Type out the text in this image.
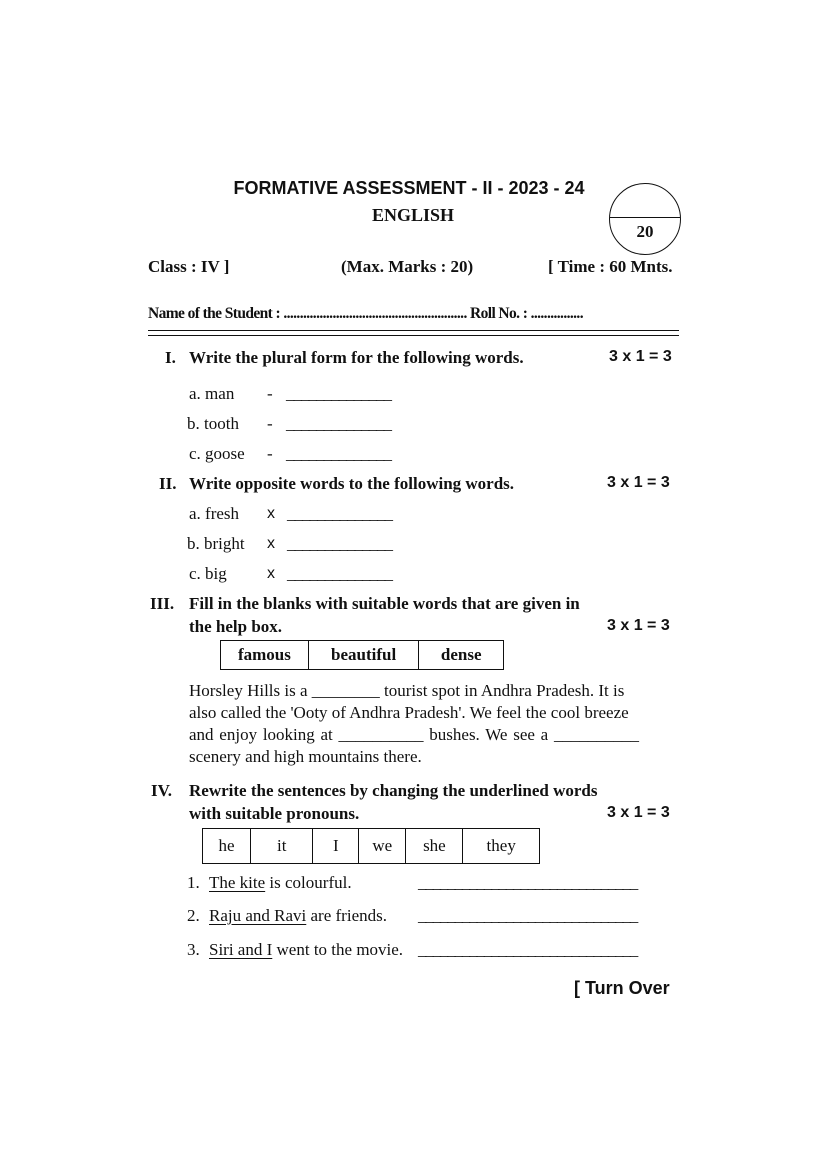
FORMATIVE ASSESSMENT - II - 2023 - 24
ENGLISH
20
Class : IV ]	(Max. Marks : 20)	[ Time : 60 Mnts.
Name of the Student : ........................................................ Roll No. : ................
I. Write the plural form for the following words.	3 x 1 = 3
a. man - ______________
b. tooth - ______________
c. goose - ______________
II. Write opposite words to the following words.	3 x 1 = 3
a. fresh x ______________
b. bright x ______________
c. big	x ______________
III. Fill in the blanks with suitable words that are given in
the help box.	3 x 1 = 3
famous	beautiful	dense
Horsley Hills is a ________ tourist spot in Andhra Pradesh. It is
also called the 'Ooty of Andhra Pradesh'. We feel the cool breeze
and enjoy looking at __________ bushes. We see a __________
scenery and high mountains there.
IV. Rewrite the sentences by changing the underlined words
with suitable pronouns.	3 x 1 = 3
he	it	I	we	she	they
1. The kite is colourful.	______________________________
2. Raju and Ravi are friends. ______________________________
3. Siri and I went to the movie. ______________________________
[ Turn Over
